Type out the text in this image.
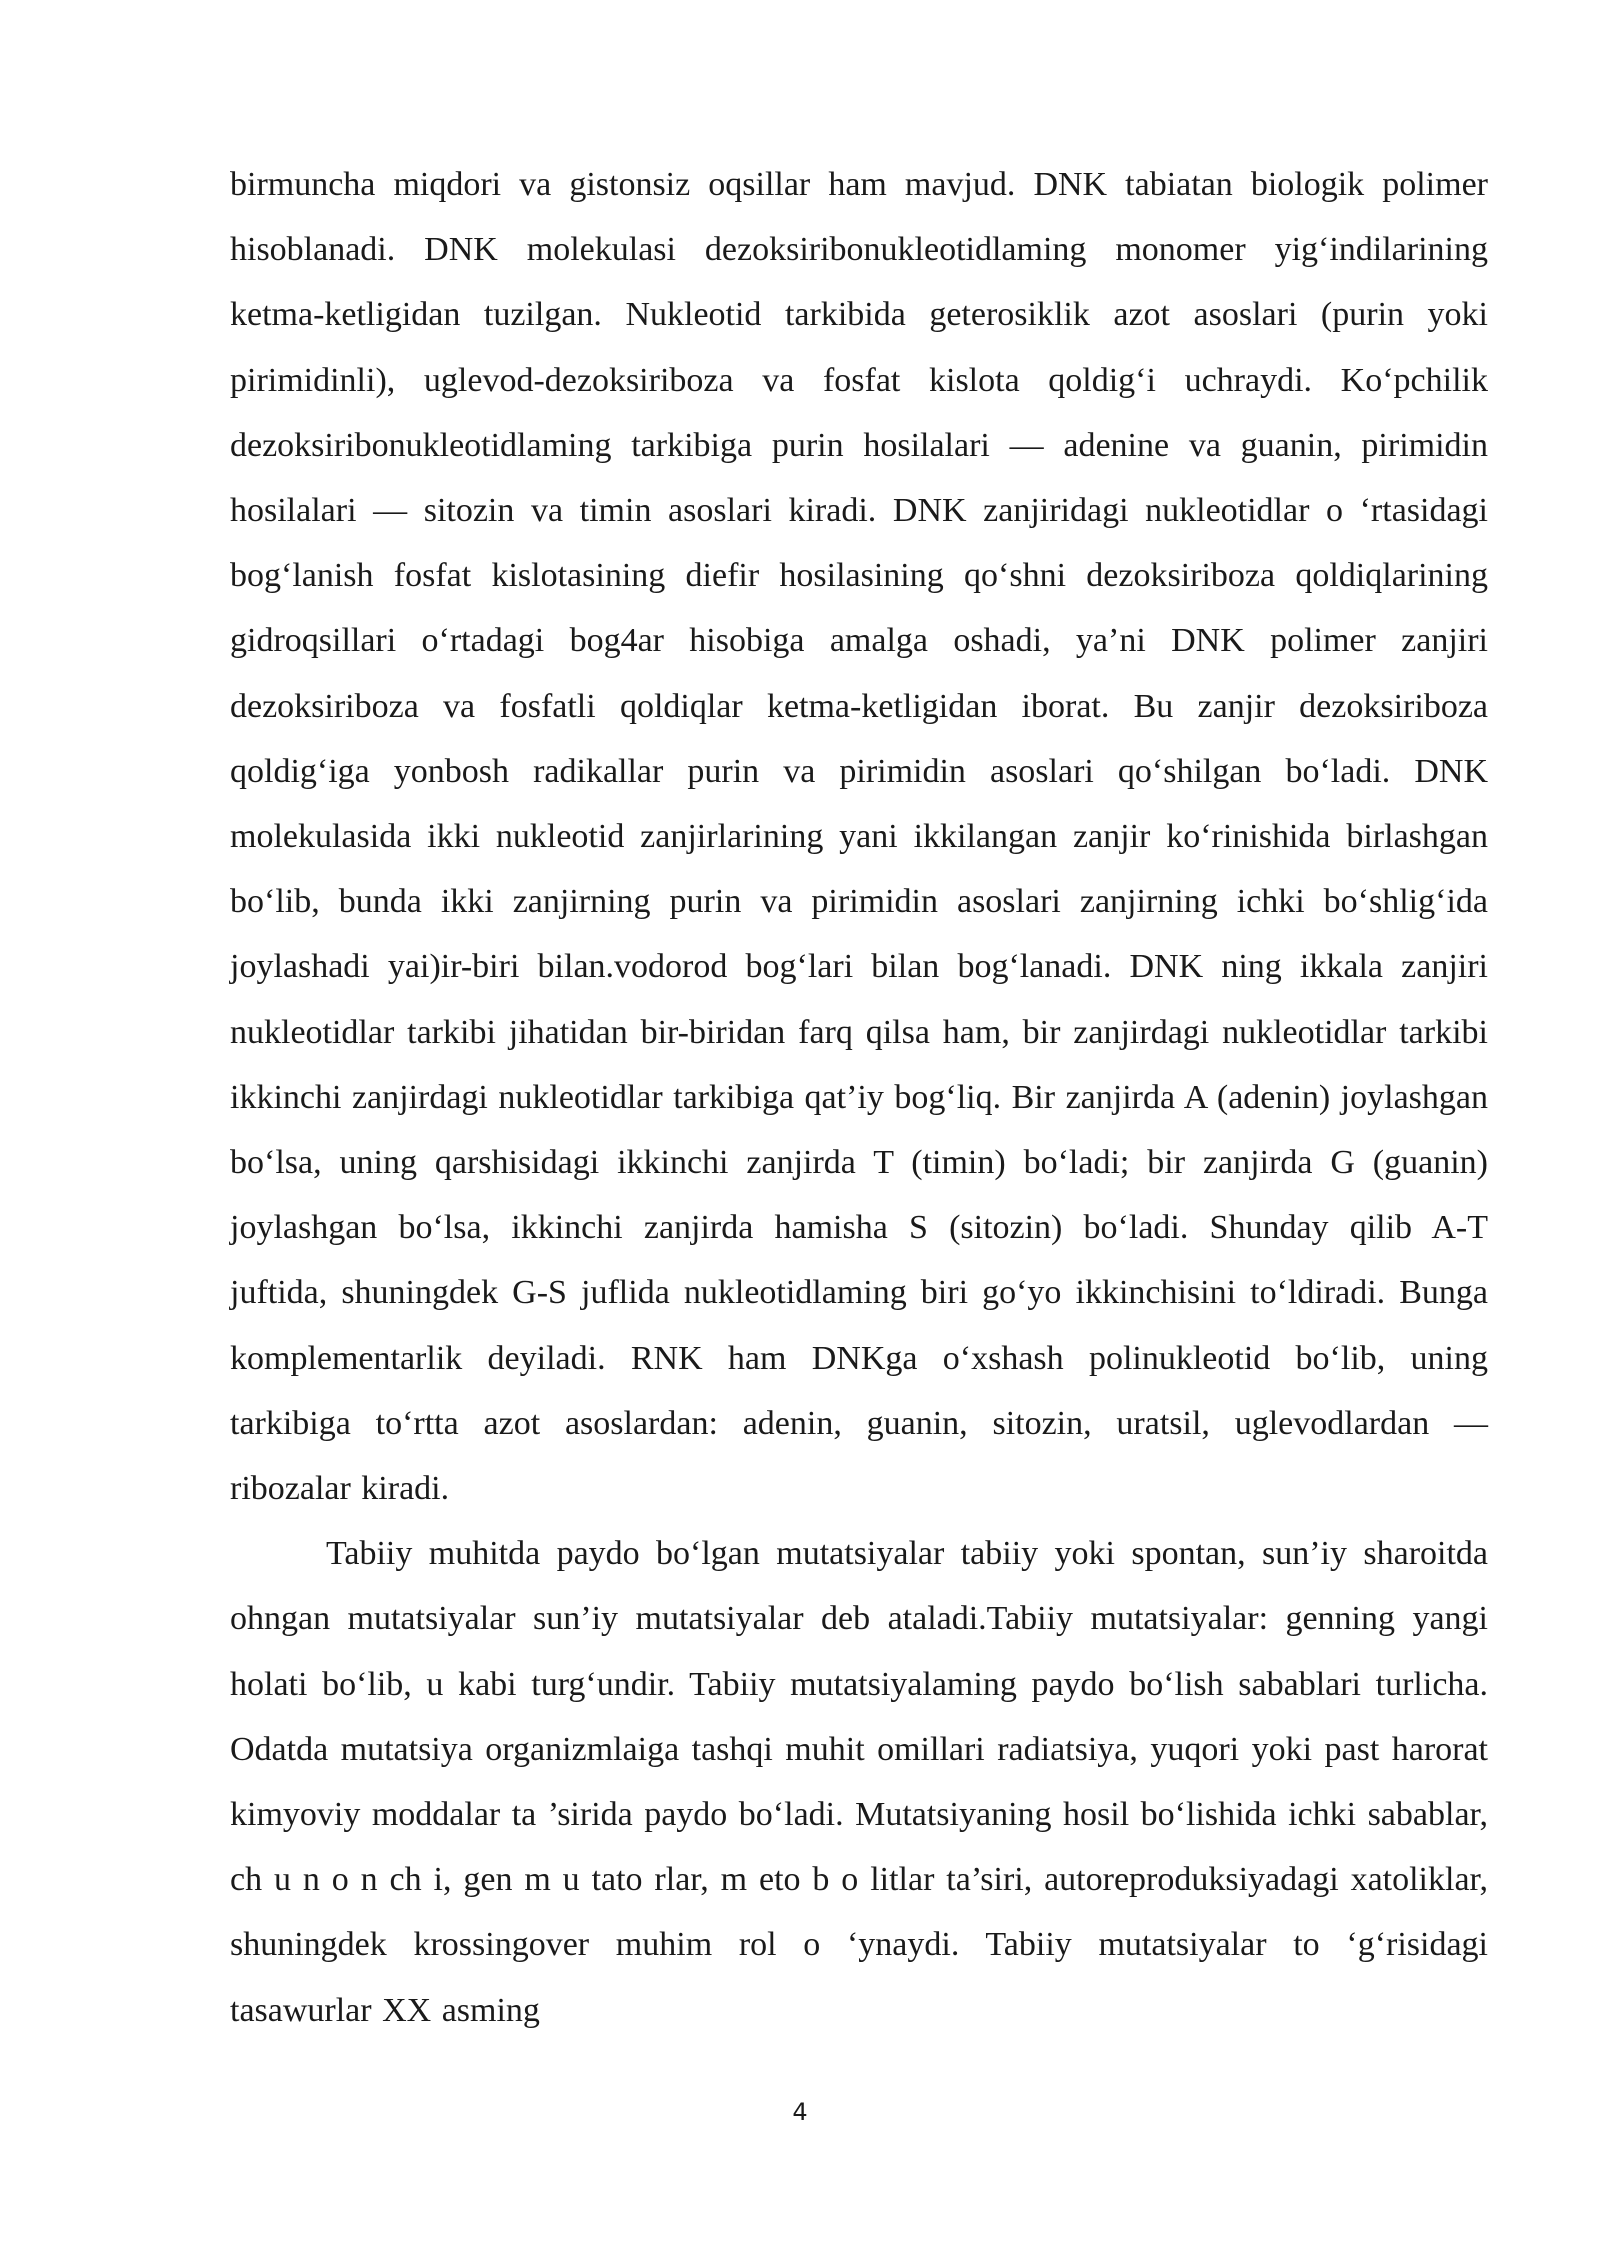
birmuncha miqdori va gistonsiz oqsillar ham mavjud. DNK tabiatan biologik polimer hisoblanadi. DNK molekulasi dezoksiribonukleotidlaming monomer yig‘indilarining ketma-ketligidan tuzilgan. Nukleotid tarkibida geterosiklik azot asoslari (purin yoki pirimidinli), uglevod-dezoksiriboza va fosfat kislota qoldig‘i uchraydi. Ko‘pchilik dezoksiribonukleotidlaming tarkibiga purin hosilalari — adenine va guanin, pirimidin hosilalari — sitozin va timin asoslari kiradi. DNK zanjiridagi nukleotidlar o ‘rtasidagi bog‘lanish fosfat kislotasining diefir hosilasining qo‘shni dezoksiriboza qoldiqlarining gidroqsillari o‘rtadagi bog4ar hisobiga amalga oshadi, ya’ni DNK polimer zanjiri dezoksiriboza va fosfatli qoldiqlar ketma-ketligidan iborat. Bu zanjir dezoksiriboza qoldig‘iga yonbosh radikallar purin va pirimidin asoslari qo‘shilgan bo‘ladi. DNK molekulasida ikki nukleotid zanjirlarining yani ikkilangan zanjir ko‘rinishida birlashgan bo‘lib, bunda ikki zanjirning purin va pirimidin asoslari zanjirning ichki bo‘shlig‘ida joylashadi yai)ir-biri bilan.vodorod bog‘lari bilan bog‘lanadi. DNK ning ikkala zanjiri nukleotidlar tarkibi jihatidan bir-biridan farq qilsa ham, bir zanjirdagi nukleotidlar tarkibi ikkinchi zanjirdagi nukleotidlar tarkibiga qat’iy bog‘liq. Bir zanjirda A (adenin) joylashgan bo‘lsa, uning qarshisidagi ikkinchi zanjirda T (timin) bo‘ladi; bir zanjirda G (guanin) joylashgan bo‘lsa, ikkinchi zanjirda hamisha S (sitozin) bo‘ladi. Shunday qilib A-T juftida, shuningdek G-S juflida nukleotidlaming biri go‘yo ikkinchisini to‘ldiradi. Bunga komplementarlik deyiladi. RNK ham DNKga o‘xshash polinukleotid bo‘lib, uning tarkibiga to‘rtta azot asoslardan: adenin, guanin, sitozin, uratsil, uglevodlardan — ribozalar kiradi.

Tabiiy muhitda paydo bo‘lgan mutatsiyalar tabiiy yoki spontan, sun’iy sharoitda ohngan mutatsiyalar sun’iy mutatsiyalar deb ataladi.Tabiiy mutatsiyalar: genning yangi holati bo‘lib, u kabi turg‘undir. Tabiiy mutatsiyalaming paydo bo‘lish sabablari turlicha. Odatda mutatsiya organizmlaiga tashqi muhit omillari radiatsiya, yuqori yoki past harorat kimyoviy moddalar ta ’sirida paydo bo‘ladi. Mutatsiyaning hosil bo‘lishida ichki sabablar, ch u n o n ch i, gen m u tato rlar, m eto b o litlar ta’siri, autoreproduksiyadagi xatoliklar, shuningdek krossingover muhim rol o ‘ynaydi. Tabiiy mutatsiyalar to ‘g‘risidagi tasawurlar XX asming

4
